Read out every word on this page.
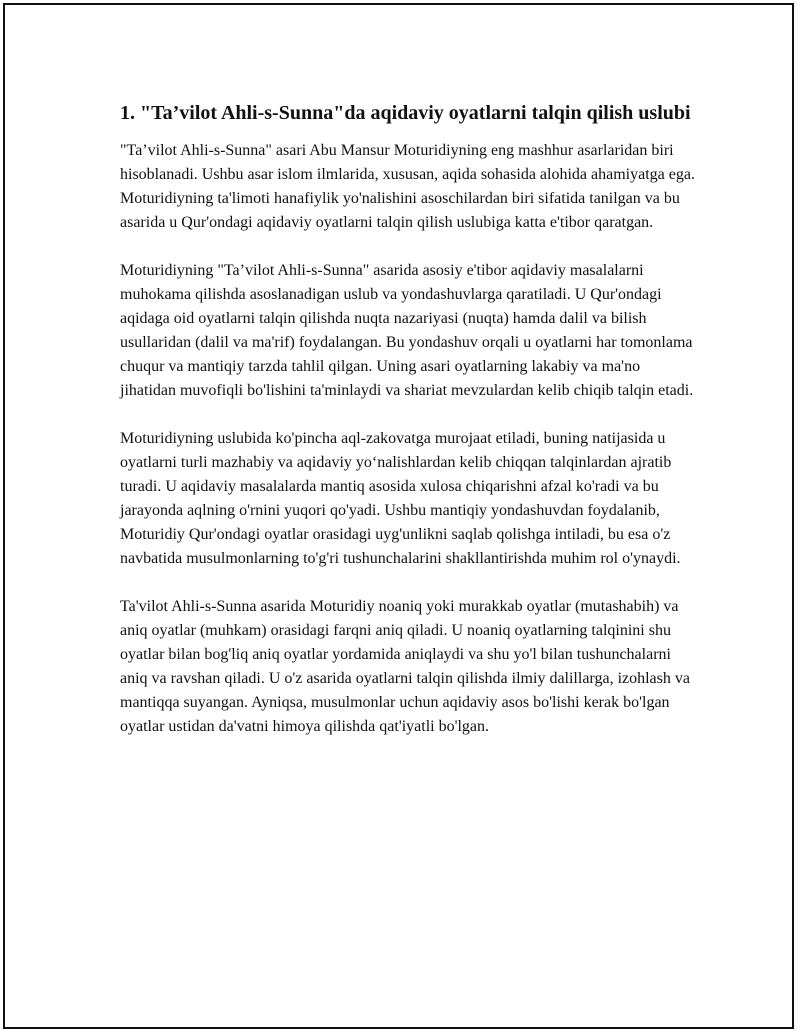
1. "Ta’vilot Ahli-s-Sunna"da aqidaviy oyatlarni talqin qilish uslubi

"Ta’vilot Ahli-s-Sunna" asari Abu Mansur Moturidiyning eng mashhur asarlaridan biri hisoblanadi. Ushbu asar islom ilmlarida, xususan, aqida sohasida alohida ahamiyatga ega. Moturidiyning ta'limoti hanafiylik yo'nalishini asoschilardan biri sifatida tanilgan va bu asarida u Qur'ondagi aqidaviy oyatlarni talqin qilish uslubiga katta e'tibor qaratgan.

Moturidiyning "Ta’vilot Ahli-s-Sunna" asarida asosiy e'tibor aqidaviy masalalarni muhokama qilishda asoslanadigan uslub va yondashuvlarga qaratiladi. U Qur'ondagi aqidaga oid oyatlarni talqin qilishda nuqta nazariyasi (nuqta) hamda dalil va bilish usullaridan (dalil va ma'rif) foydalangan. Bu yondashuv orqali u oyatlarni har tomonlama chuqur va mantiqiy tarzda tahlil qilgan. Uning asari oyatlarning lakabiy va ma'no jihatidan muvofiqli bo'lishini ta'minlaydi va shariat mevzulardan kelib chiqib talqin etadi.

Moturidiyning uslubida ko'pincha aql-zakovatga murojaat etiladi, buning natijasida u oyatlarni turli mazhabiy va aqidaviy yo‘nalishlardan kelib chiqqan talqinlardan ajratib turadi. U aqidaviy masalalarda mantiq asosida xulosa chiqarishni afzal ko'radi va bu jarayonda aqlning o'rnini yuqori qo'yadi. Ushbu mantiqiy yondashuvdan foydalanib, Moturidiy Qur'ondagi oyatlar orasidagi uyg'unlikni saqlab qolishga intiladi, bu esa o'z navbatida musulmonlarning to'g'ri tushunchalarini shakllantirishda muhim rol o'ynaydi.

Ta'vilot Ahli-s-Sunna asarida Moturidiy noaniq yoki murakkab oyatlar (mutashabih) va aniq oyatlar (muhkam) orasidagi farqni aniq qiladi. U noaniq oyatlarning talqinini shu oyatlar bilan bog'liq aniq oyatlar yordamida aniqlaydi va shu yo'l bilan tushunchalarni aniq va ravshan qiladi. U o'z asarida oyatlarni talqin qilishda ilmiy dalillarga, izohlash va mantiqqa suyangan. Ayniqsa, musulmonlar uchun aqidaviy asos bo'lishi kerak bo'lgan oyatlar ustidan da'vatni himoya qilishda qat'iyatli bo'lgan.
